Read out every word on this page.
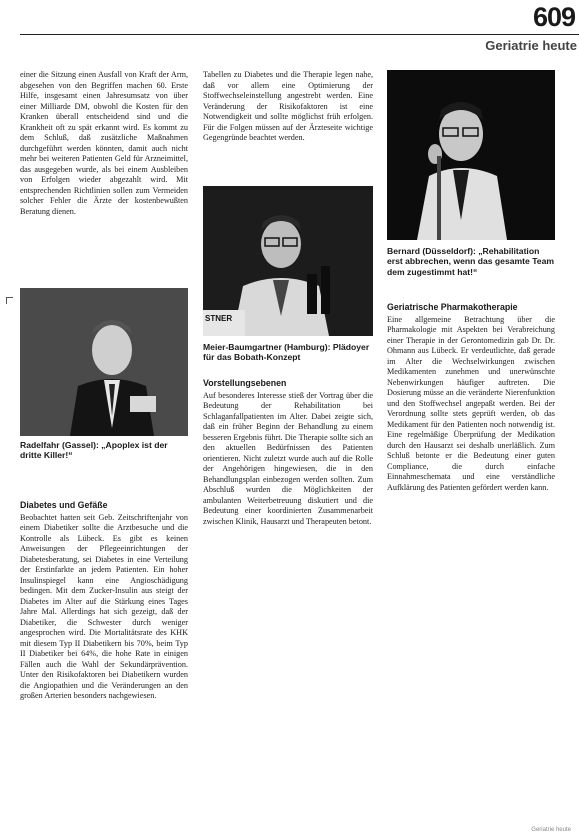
609
Geriatrie heute

einer die Sitzung einen Ausfall von Kraft der Arm, abgesehen von den Begriffen machen 60. Erste Hilfe, insgesamt einen Jahresumsatz von über einer Milliarde DM, obwohl die Kosten für den Kranken überall entscheidend sind und die Krankheit oft zu spät erkannt wird. Es kommt zu dem Schluß, daß zusätzliche Maßnahmen durchgeführt werden könnten, damit auch nicht mehr bei weiteren Patienten Geld für Arzneimittel, das ausgegeben wurde, als bei einem Ausbleiben von Erfolgen wieder abgezahlt wird. Mit entsprechenden Richtlinien sollen zum Vermeiden solcher Fehler die Ärzte der kostenbewußten Beratung dienen.

Radelfahr (Gassel): „Apoplex ist der dritte Killer!“
Diabetes und Gefäße

Beobachtet hatten seit Geb. Zeitschriftenjahr von einem Diabetiker sollte die Arztbesuche und die Kontrolle als Lübeck. Es gibt es keinen Anweisungen der Pflegeeinrichtungen der Diabetesberatung, sei Diabetes in eine Verteilung der Erstinfarkte an jedem Patienten. Ein hoher Insulinspiegel kann eine Angioschädigung bedingen. Mit dem Zucker-Insulin aus steigt der Diabetes im Alter auf die Stärkung eines Tages Jahre Mal. Allerdings hat sich gezeigt, daß der Diabetiker, die Schwester durch weniger angesprochen wird. Die Mortalitätsrate des KHK mit diesem Typ II Diabetikern bis 70%, beim Typ II Diabetiker bei 64%, die hohe Rate in einigen Fällen auch die Wahl der Sekundärprävention. Unter den Risikofaktoren bei Diabetikern wurden die Angiopathien und die Veränderungen an den großen Arterien besonders nachgewiesen.

Tabellen zu Diabetes und die Therapie legen nahe, daß vor allem eine Optimierung der Stoffwechseleinstellung angestrebt werden. Eine Veränderung der Risikofaktoren ist eine Notwendigkeit und sollte möglichst früh erfolgen. Für die Folgen müssen auf der Ärzteseite wichtige Gegengründe beachtet werden.

STNER
Meier-Baumgartner (Hamburg): Plädoyer für das Bobath-Konzept
Vorstellungsebenen

Auf besonderes Interesse stieß der Vortrag über die Bedeutung der Rehabilitation bei Schlaganfallpatienten im Alter. Dabei zeigte sich, daß ein früher Beginn der Behandlung zu einem besseren Ergebnis führt. Die Therapie sollte sich an den aktuellen Bedürfnissen des Patienten orientieren. Nicht zuletzt wurde auch auf die Rolle der Angehörigen hingewiesen, die in den Behandlungsplan einbezogen werden sollten. Zum Abschluß wurden die Möglichkeiten der ambulanten Weiterbetreuung diskutiert und die Bedeutung einer koordinierten Zusammenarbeit zwischen Klinik, Hausarzt und Therapeuten betont.

Bernard (Düsseldorf): „Rehabilitation erst abbrechen, wenn das gesamte Team dem zugestimmt hat!“
Geriatrische Pharmakotherapie

Eine allgemeine Betrachtung über die Pharmakologie mit Aspekten bei Verabreichung einer Therapie in der Gerontomedizin gab Dr. Dr. Ohmann aus Lübeck. Er verdeutlichte, daß gerade im Alter die Wechselwirkungen zwischen Medikamenten zunehmen und unerwünschte Nebenwirkungen häufiger auftreten. Die Dosierung müsse an die veränderte Nierenfunktion und den Stoffwechsel angepaßt werden. Bei der Verordnung sollte stets geprüft werden, ob das Medikament für den Patienten noch notwendig ist. Eine regelmäßige Überprüfung der Medikation durch den Hausarzt sei deshalb unerläßlich. Zum Schluß betonte er die Bedeutung einer guten Compliance, die durch einfache Einnahmeschemata und eine verständliche Aufklärung des Patienten gefördert werden kann.

Geriatrie heute
